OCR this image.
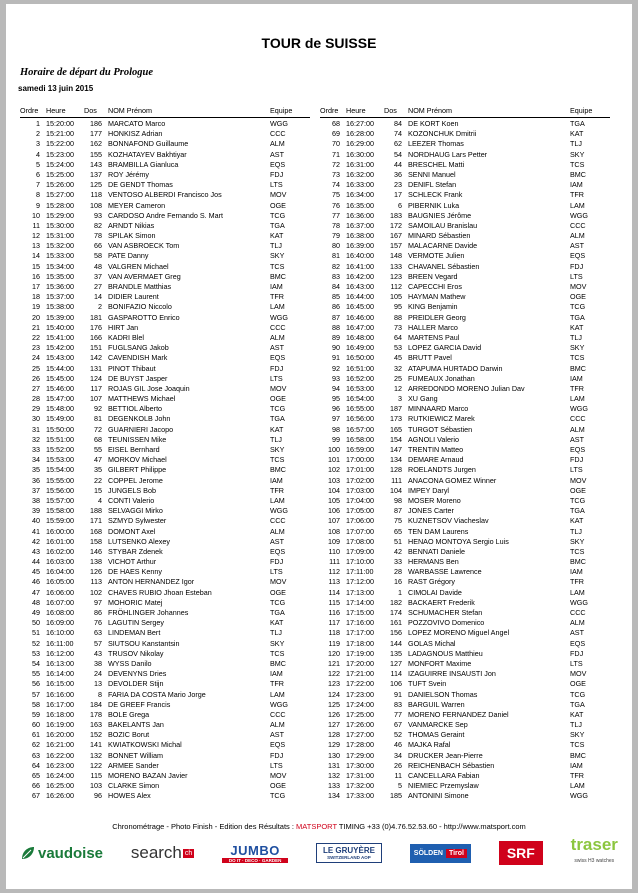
TOUR de SUISSE
Horaire de départ du Prologue
samedi 13 juin 2015
Ordre	Heure	Dos	NOM Prénom	Equipe
1 15:20:00	186 MARCATO Marco	WGG
2 15:21:00	177 HONKISZ Adrian	CCC
3 15:22:00	162 BONNAFOND Guillaume	ALM
4 15:23:00	155 KOZHATAYEV Bakhtiyar	AST
5 15:24:00	143 BRAMBILLA Gianluca	EQS
6 15:25:00	137 ROY Jérémy	FDJ
7 15:26:00	125 DE GENDT Thomas	LTS
8 15:27:00	118 VENTOSO ALBERDI Francisco Jos	MOV
9 15:28:00	108 MEYER Cameron	OGE
10 15:29:00	93 CARDOSO Andre Fernando S. Mart	TCG
11 15:30:00	82 ARNDT Nikias	TGA
12 15:31:00	78 SPILAK Simon	KAT
13 15:32:00	66 VAN ASBROECK Tom	TLJ
14 15:33:00	58 PATE Danny	SKY
15 15:34:00	48 VALGREN Michael	TCS
16 15:35:00	37 VAN AVERMAET Greg	BMC
17 15:36:00	27 BRANDLE Matthias	IAM
18 15:37:00	14 DIDIER Laurent	TFR
19 15:38:00	2 BONIFAZIO Niccolo	LAM
20 15:39:00	181 GASPAROTTO Enrico	WGG
21 15:40:00	176 HIRT Jan	CCC
22 15:41:00	166 KADRI Blel	ALM
23 15:42:00	151 FUGLSANG Jakob	AST
24 15:43:00	142 CAVENDISH Mark	EQS
25 15:44:00	131 PINOT Thibaut	FDJ
26 15:45:00	124 DE BUYST Jasper	LTS
27 15:46:00	117 ROJAS GIL Jose Joaquin	MOV
28 15:47:00	107 MATTHEWS Michael	OGE
29 15:48:00	92 BETTIOL Alberto	TCG
30 15:49:00	81 DEGENKOLB John	TGA
31 15:50:00	72 GUARNIERI Jacopo	KAT
32 15:51:00	68 TEUNISSEN Mike	TLJ
33 15:52:00	55 EISEL Bernhard	SKY
34 15:53:00	47 MORKOV Michael	TCS
35 15:54:00	35 GILBERT Philippe	BMC
36 15:55:00	22 COPPEL Jerome	IAM
37 15:56:00	15 JUNGELS Bob	TFR
38 15:57:00	4 CONTI Valerio	LAM
39 15:58:00	188 SELVAGGI Mirko	WGG
40 15:59:00	171 SZMYD Sylwester	CCC
41 16:00:00	168 DOMONT Axel	ALM
42 16:01:00	158 LUTSENKO Alexey	AST
43 16:02:00	146 STYBAR Zdenek	EQS
44 16:03:00	138 VICHOT Arthur	FDJ
45 16:04:00	126 DE HAES Kenny	LTS
46 16:05:00	113 ANTON HERNANDEZ Igor	MOV
47 16:06:00	102 CHAVES RUBIO Jhoan Esteban	OGE
48 16:07:00	97 MOHORIC Matej	TCG
49 16:08:00	86 FRÖHLINGER Johannes	TGA
50 16:09:00	76 LAGUTIN Sergey	KAT
51 16:10:00	63 LINDEMAN Bert	TLJ
52 16:11:00	57 SIUTSOU Kanstantsin	SKY
53 16:12:00	43 TRUSOV Nikolay	TCS
54 16:13:00	38 WYSS Danilo	BMC
55 16:14:00	24 DEVENYNS Dries	IAM
56 16:15:00	13 DEVOLDER Stijn	TFR
57 16:16:00	8 FARIA DA COSTA Mario Jorge	LAM
58 16:17:00	184 DE GREEF Francis	WGG
59 16:18:00	178 BOLE Grega	CCC
60 16:19:00	163 BAKELANTS Jan	ALM
61 16:20:00	152 BOZIC Borut	AST
62 16:21:00	141 KWIATKOWSKI Michal	EQS
63 16:22:00	132 BONNET William	FDJ
64 16:23:00	122 ARMEE Sander	LTS
65 16:24:00	115 MORENO BAZAN Javier	MOV
66 16:25:00	103 CLARKE Simon	OGE
67 16:26:00	96 HOWES Alex	TCG
Ordre	Heure	Dos	NOM Prénom	Equipe
68 16:27:00	84 DE KORT Koen	TGA
69 16:28:00	74 KOZONCHUK Dmitrii	KAT
70 16:29:00	62 LEEZER Thomas	TLJ
71 16:30:00	54 NORDHAUG Lars Petter	SKY
72 16:31:00	44 BRESCHEL Matti	TCS
73 16:32:00	36 SENNI Manuel	BMC
74 16:33:00	23 DENIFL Stefan	IAM
75 16:34:00	17 SCHLECK Frank	TFR
76 16:35:00	6 PIBERNIK Luka	LAM
77 16:36:00	183 BAUGNIES Jérôme	WGG
78 16:37:00	172 SAMOILAU Branislau	CCC
79 16:38:00	167 MINARD Sébastien	ALM
80 16:39:00	157 MALACARNE Davide	AST
81 16:40:00	148 VERMOTE Julien	EQS
82 16:41:00	133 CHAVANEL Sébastien	FDJ
83 16:42:00	123 BREEN Vegard	LTS
84 16:43:00	112 CAPECCHI Eros	MOV
85 16:44:00	105 HAYMAN Mathew	OGE
86 16:45:00	95 KING Benjamin	TCG
87 16:46:00	88 PREIDLER Georg	TGA
88 16:47:00	73 HALLER Marco	KAT
89 16:48:00	64 MARTENS Paul	TLJ
90 16:49:00	53 LOPEZ GARCIA David	SKY
91 16:50:00	45 BRUTT Pavel	TCS
92 16:51:00	32 ATAPUMA HURTADO Darwin	BMC
93 16:52:00	25 FUMEAUX Jonathan	IAM
94 16:53:00	12 ARREDONDO MORENO Julian Dav	TFR
95 16:54:00	3 XU Gang	LAM
96 16:55:00	187 MINNAARD Marco	WGG
97 16:56:00	173 RUTKIEWICZ Marek	CCC
98 16:57:00	165 TURGOT Sébastien	ALM
99 16:58:00	154 AGNOLI Valerio	AST
100 16:59:00	147 TRENTIN Matteo	EQS
101 17:00:00	134 DEMARE Arnaud	FDJ
102 17:01:00	128 ROELANDTS Jurgen	LTS
103 17:02:00	111 ANACONA GOMEZ Winner	MOV
104 17:03:00	104 IMPEY Daryl	OGE
105 17:04:00	98 MOSER Moreno	TCG
106 17:05:00	87 JONES Carter	TGA
107 17:06:00	75 KUZNETSOV Viacheslav	KAT
108 17:07:00	65 TEN DAM Laurens	TLJ
109 17:08:00	51 HENAO MONTOYA Sergio Luis	SKY
110 17:09:00	42 BENNATI Daniele	TCS
111 17:10:00	33 HERMANS Ben	BMC
112 17:11:00	28 WARBASSE Lawrence	IAM
113 17:12:00	16 RAST Grégory	TFR
114 17:13:00	1 CIMOLAI Davide	LAM
115 17:14:00	182 BACKAERT Frederik	WGG
116 17:15:00	174 SCHUMACHER Stefan	CCC
117 17:16:00	161 POZZOVIVO Domenico	ALM
118 17:17:00	156 LOPEZ MORENO Miguel Angel	AST
119 17:18:00	144 GOLAS Michal	EQS
120 17:19:00	135 LADAGNOUS Matthieu	FDJ
121 17:20:00	127 MONFORT Maxime	LTS
122 17:21:00	114 IZAGUIRRE INSAUSTI Jon	MOV
123 17:22:00	106 TUFT Svein	OGE
124 17:23:00	91 DANIELSON Thomas	TCG
125 17:24:00	83 BARGUIL Warren	TGA
126 17:25:00	77 MORENO FERNANDEZ Daniel	KAT
127 17:26:00	67 VANMARCKE Sep	TLJ
128 17:27:00	52 THOMAS Geraint	SKY
129 17:28:00	46 MAJKA Rafal	TCS
130 17:29:00	34 DRUCKER Jean-Pierre	BMC
131 17:30:00	26 REICHENBACH Sébastien	IAM
132 17:31:00	11 CANCELLARA Fabian	TFR
133 17:32:00	5 NIEMIEC Przemyslaw	LAM
134 17:33:00	185 ANTONINI Simone	WGG
Chronométrage - Photo Finish - Edition des Résultats : MATSPORT TIMING +33 (0)4.76.52.53.60 - http://www.matsport.com
vaudoise search ch	JUMBO
DO IT · DECO · GARDEN
LE GRUYÈRE
SWITZERLAND AOP
SÖLDEN Tirol	SRF traser
swiss H3 watches
